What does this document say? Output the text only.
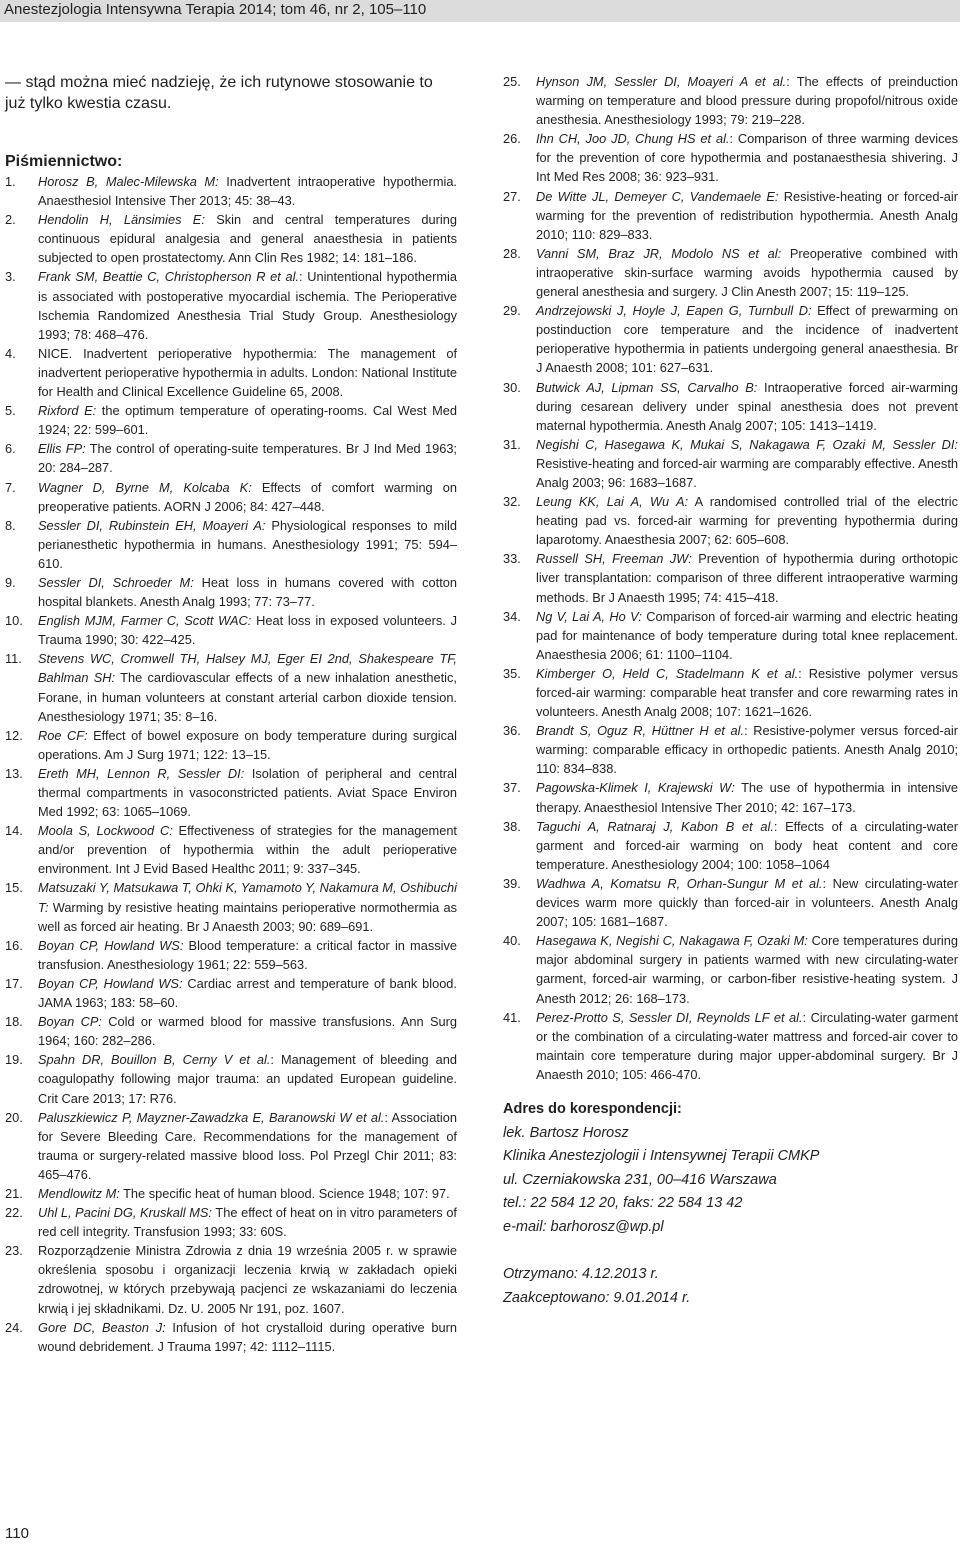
Anestezjologia Intensywna Terapia 2014; tom 46, nr 2, 105–110

— stąd można mieć nadzieję, że ich rutynowe stosowanie to już tylko kwestia czasu.

Piśmiennictwo:

1.	Horosz B, Malec-Milewska M: Inadvertent intraoperative hypothermia. Anaesthesiol Intensive Ther 2013; 45: 38–43.
2.	Hendolin H, Länsimies E: Skin and central temperatures during continuous epidural analgesia and general anaesthesia in patients subjected to open prostatectomy. Ann Clin Res 1982; 14: 181–186.
3.	Frank SM, Beattie C, Christopherson R et al.: Unintentional hypothermia is associated with postoperative myocardial ischemia. The Perioperative Ischemia Randomized Anesthesia Trial Study Group. Anesthesiology 1993; 78: 468–476.
4.	NICE. Inadvertent perioperative hypothermia: The management of inadvertent perioperative hypothermia in adults. London: National Institute for Health and Clinical Excellence Guideline 65, 2008.
5.	Rixford E: the optimum temperature of operating-rooms. Cal West Med 1924; 22: 599–601.
6.	Ellis FP: The control of operating-suite temperatures. Br J Ind Med 1963; 20: 284–287.
7.	Wagner D, Byrne M, Kolcaba K: Effects of comfort warming on preoperative patients. AORN J 2006; 84: 427–448.
8.	Sessler DI, Rubinstein EH, Moayeri A: Physiological responses to mild perianesthetic hypothermia in humans. Anesthesiology 1991; 75: 594–610.
9.	Sessler DI, Schroeder M: Heat loss in humans covered with cotton hospital blankets. Anesth Analg 1993; 77: 73–77.
10.	English MJM, Farmer C, Scott WAC: Heat loss in exposed volunteers. J Trauma 1990; 30: 422–425.
11.	Stevens WC, Cromwell TH, Halsey MJ, Eger EI 2nd, Shakespeare TF, Bahlman SH: The cardiovascular effects of a new inhalation anesthetic, Forane, in human volunteers at constant arterial carbon dioxide tension. Anesthesiology 1971; 35: 8–16.
12.	Roe CF: Effect of bowel exposure on body temperature during surgical operations. Am J Surg 1971; 122: 13–15.
13.	Ereth MH, Lennon R, Sessler DI: Isolation of peripheral and central thermal compartments in vasoconstricted patients. Aviat Space Environ Med 1992; 63: 1065–1069.
14.	Moola S, Lockwood C: Effectiveness of strategies for the management and/or prevention of hypothermia within the adult perioperative environment. Int J Evid Based Healthc 2011; 9: 337–345.
15.	Matsuzaki Y, Matsukawa T, Ohki K, Yamamoto Y, Nakamura M, Oshibuchi T: Warming by resistive heating maintains perioperative normothermia as well as forced air heating. Br J Anaesth 2003; 90: 689–691.
16.	Boyan CP, Howland WS: Blood temperature: a critical factor in massive transfusion. Anesthesiology 1961; 22: 559–563.
17.	Boyan CP, Howland WS: Cardiac arrest and temperature of bank blood. JAMA 1963; 183: 58–60.
18.	Boyan CP: Cold or warmed blood for massive transfusions. Ann Surg 1964; 160: 282–286.
19.	Spahn DR, Bouillon B, Cerny V et al.: Management of bleeding and coagulopathy following major trauma: an updated European guideline. Crit Care 2013; 17: R76.
20.	Paluszkiewicz P, Mayzner-Zawadzka E, Baranowski W et al.: Association for Severe Bleeding Care. Recommendations for the management of trauma or surgery-related massive blood loss. Pol Przegl Chir 2011; 83: 465–476.
21.	Mendlowitz M: The specific heat of human blood. Science 1948; 107: 97.
22.	Uhl L, Pacini DG, Kruskall MS: The effect of heat on in vitro parameters of red cell integrity. Transfusion 1993; 33: 60S.
23.	Rozporządzenie Ministra Zdrowia z dnia 19 września 2005 r. w sprawie określenia sposobu i organizacji leczenia krwią w zakładach opieki zdrowotnej, w których przebywają pacjenci ze wskazaniami do leczenia krwią i jej składnikami. Dz. U. 2005 Nr 191, poz. 1607.
24.	Gore DC, Beaston J: Infusion of hot crystalloid during operative burn wound debridement. J Trauma 1997; 42: 1112–1115.
25.	Hynson JM, Sessler DI, Moayeri A et al.: The effects of preinduction warming on temperature and blood pressure during propofol/nitrous oxide anesthesia. Anesthesiology 1993; 79: 219–228.
26.	Ihn CH, Joo JD, Chung HS et al.: Comparison of three warming devices for the prevention of core hypothermia and postanaesthesia shivering. J Int Med Res 2008; 36: 923–931.
27.	De Witte JL, Demeyer C, Vandemaele E: Resistive-heating or forced-air warming for the prevention of redistribution hypothermia. Anesth Analg 2010; 110: 829–833.
28.	Vanni SM, Braz JR, Modolo NS et al: Preoperative combined with intraoperative skin-surface warming avoids hypothermia caused by general anesthesia and surgery. J Clin Anesth 2007; 15: 119–125.
29.	Andrzejowski J, Hoyle J, Eapen G, Turnbull D: Effect of prewarming on postinduction core temperature and the incidence of inadvertent perioperative hypothermia in patients undergoing general anaesthesia. Br J Anaesth 2008; 101: 627–631.
30.	Butwick AJ, Lipman SS, Carvalho B: Intraoperative forced air-warming during cesarean delivery under spinal anesthesia does not prevent maternal hypothermia. Anesth Analg 2007; 105: 1413–1419.
31.	Negishi C, Hasegawa K, Mukai S, Nakagawa F, Ozaki M, Sessler DI: Resistive-heating and forced-air warming are comparably effective. Anesth Analg 2003; 96: 1683–1687.
32.	Leung KK, Lai A, Wu A: A randomised controlled trial of the electric heating pad vs. forced-air warming for preventing hypothermia during laparotomy. Anaesthesia 2007; 62: 605–608.
33.	Russell SH, Freeman JW: Prevention of hypothermia during orthotopic liver transplantation: comparison of three different intraoperative warming methods. Br J Anaesth 1995; 74: 415–418.
34.	Ng V, Lai A, Ho V: Comparison of forced-air warming and electric heating pad for maintenance of body temperature during total knee replacement. Anaesthesia 2006; 61: 1100–1104.
35.	Kimberger O, Held C, Stadelmann K et al.: Resistive polymer versus forced-air warming: comparable heat transfer and core rewarming rates in volunteers. Anesth Analg 2008; 107: 1621–1626.
36.	Brandt S, Oguz R, Hüttner H et al.: Resistive-polymer versus forced-air warming: comparable efficacy in orthopedic patients. Anesth Analg 2010; 110: 834–838.
37.	Pagowska-Klimek I, Krajewski W: The use of hypothermia in intensive therapy. Anaesthesiol Intensive Ther 2010; 42: 167–173.
38.	Taguchi A, Ratnaraj J, Kabon B et al.: Effects of a circulating-water garment and forced-air warming on body heat content and core temperature. Anesthesiology 2004; 100: 1058–1064
39.	Wadhwa A, Komatsu R, Orhan-Sungur M et al.: New circulating-water devices warm more quickly than forced-air in volunteers. Anesth Analg 2007; 105: 1681–1687.
40.	Hasegawa K, Negishi C, Nakagawa F, Ozaki M: Core temperatures during major abdominal surgery in patients warmed with new circulating-water garment, forced-air warming, or carbon-fiber resistive-heating system. J Anesth 2012; 26: 168–173.
41.	Perez-Protto S, Sessler DI, Reynolds LF et al.: Circulating-water garment or the combination of a circulating-water mattress and forced-air cover to maintain core temperature during major upper-abdominal surgery. Br J Anaesth 2010; 105: 466-470.
Adres do korespondencji:
lek. Bartosz Horosz
Klinika Anestezjologii i Intensywnej Terapii CMKP
ul. Czerniakowska 231, 00–416 Warszawa
tel.: 22 584 12 20, faks: 22 584 13 42
e-mail: barhorosz@wp.pl
Otrzymano: 4.12.2013 r.
Zaakceptowano: 9.01.2014 r.
110
